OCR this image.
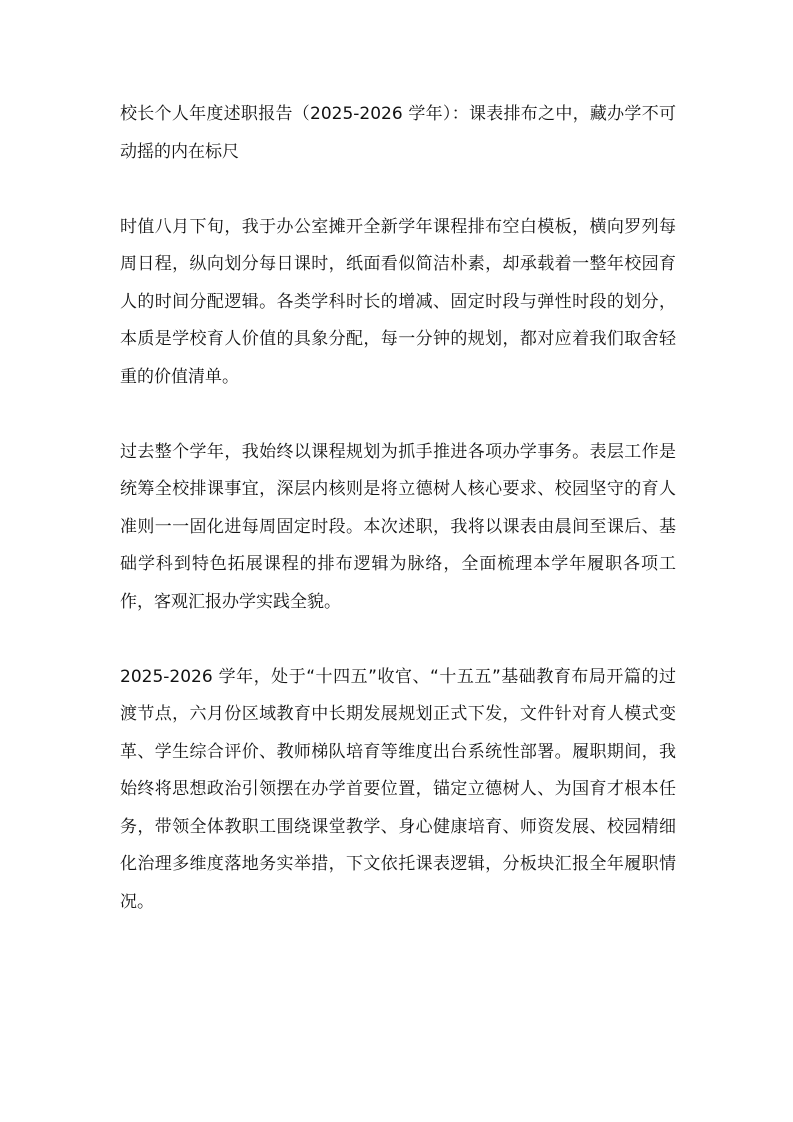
校长个人年度述职报告（2025-2026 学年）：课表排布之中，藏办学不可动摇的内在标尺

时值八月下旬，我于办公室摊开全新学年课程排布空白模板，横向罗列每周日程，纵向划分每日课时，纸面看似简洁朴素，却承载着一整年校园育人的时间分配逻辑。各类学科时长的增减、固定时段与弹性时段的划分，本质是学校育人价值的具象分配，每一分钟的规划，都对应着我们取舍轻重的价值清单。

过去整个学年，我始终以课程规划为抓手推进各项办学事务。表层工作是统筹全校排课事宜，深层内核则是将立德树人核心要求、校园坚守的育人准则一一固化进每周固定时段。本次述职，我将以课表由晨间至课后、基础学科到特色拓展课程的排布逻辑为脉络，全面梳理本学年履职各项工作，客观汇报办学实践全貌。

2025-2026 学年，处于“十四五”收官、“十五五”基础教育布局开篇的过渡节点，六月份区域教育中长期发展规划正式下发，文件针对育人模式变革、学生综合评价、教师梯队培育等维度出台系统性部署。履职期间，我始终将思想政治引领摆在办学首要位置，锚定立德树人、为国育才根本任务，带领全体教职工围绕课堂教学、身心健康培育、师资发展、校园精细化治理多维度落地务实举措，下文依托课表逻辑，分板块汇报全年履职情况。
